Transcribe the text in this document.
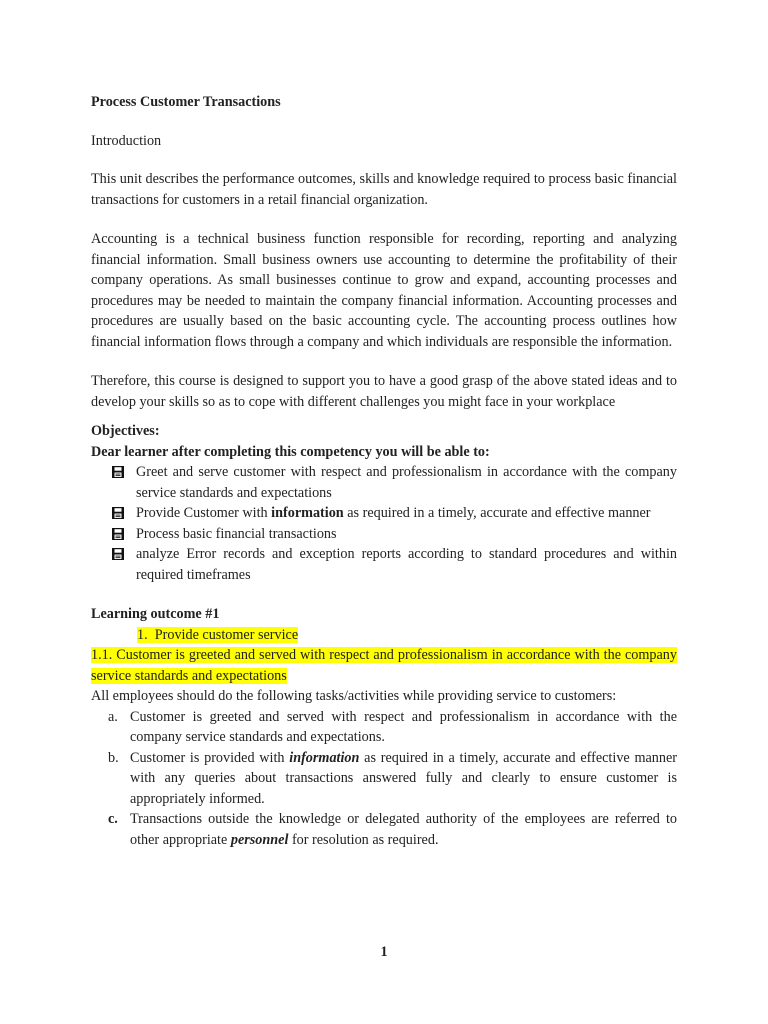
Process Customer Transactions

Introduction

This unit describes the performance outcomes, skills and knowledge required to process basic financial transactions for customers in a retail financial organization.

Accounting is a technical business function responsible for recording, reporting and analyzing financial information. Small business owners use accounting to determine the profitability of their company operations. As small businesses continue to grow and expand, accounting processes and procedures may be needed to maintain the company financial information. Accounting processes and procedures are usually based on the basic accounting cycle. The accounting process outlines how financial information flows through a company and which individuals are responsible the information.

Therefore, this course is designed to support you to have a good grasp of the above stated ideas and to develop your skills so as to cope with different challenges you might face in your workplace

Objectives:

Dear learner after completing this competency you will be able to:

Greet and serve customer with respect and professionalism in accordance with the company service standards and expectations
Provide Customer with information as required in a timely, accurate and effective manner
Process basic financial transactions
analyze Error records and exception reports according to standard procedures and within required timeframes

Learning outcome #1

1. Provide customer service

1.1. Customer is greeted and served with respect and professionalism in accordance with the company service standards and expectations

All employees should do the following tasks/activities while providing service to customers:

a. Customer is greeted and served with respect and professionalism in accordance with the company service standards and expectations.
b. Customer is provided with information as required in a timely, accurate and effective manner with any queries about transactions answered fully and clearly to ensure customer is appropriately informed.
c. Transactions outside the knowledge or delegated authority of the employees are referred to other appropriate personnel for resolution as required.
1
